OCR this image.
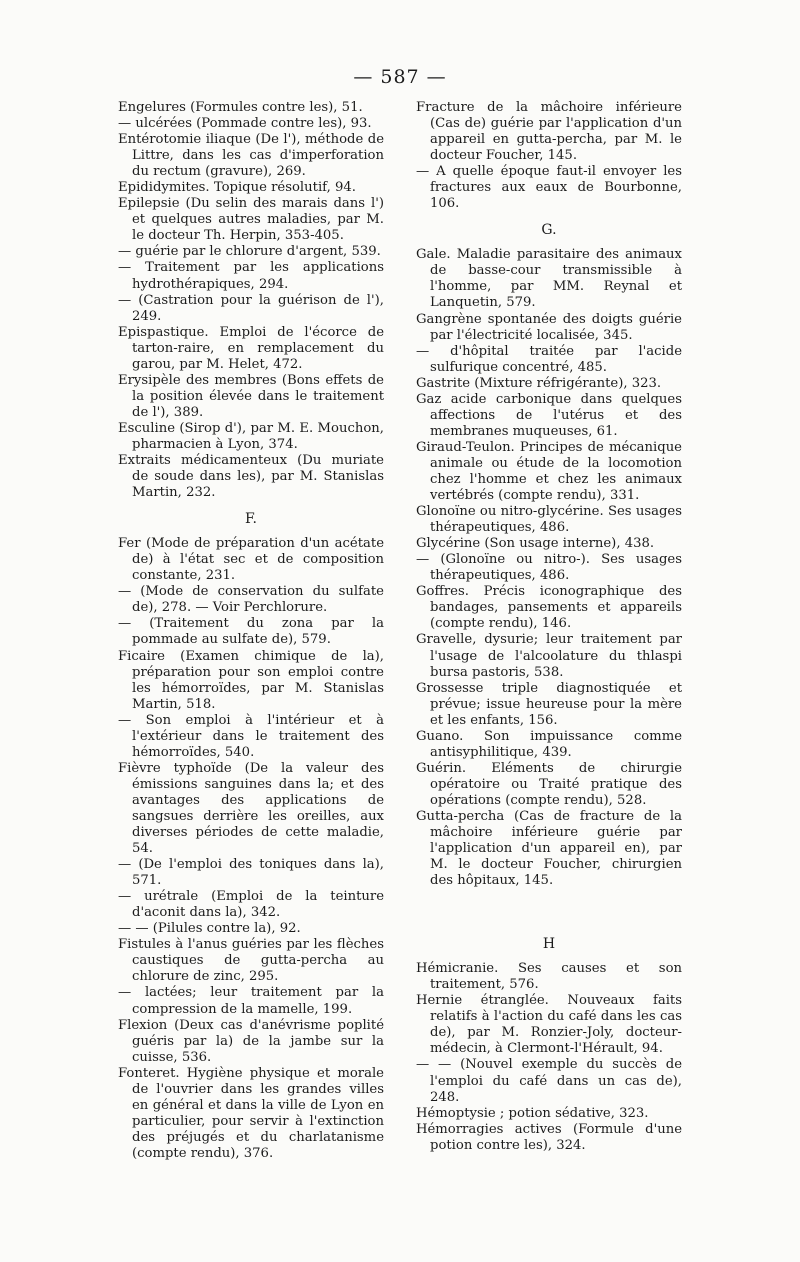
— 587 —
Engelures (Formules contre les), 51.
— ulcérées (Pommade contre les), 93.
Entérotomie iliaque (De l'), méthode de Littre, dans les cas d'imperforation du rectum (gravure), 269.
Epididymites. Topique résolutif, 94.
Epilepsie (Du selin des marais dans l') et quelques autres maladies, par M. le docteur Th. Herpin, 353-405.
— guérie par le chlorure d'argent, 539.
— Traitement par les applications hydrothérapiques, 294.
— (Castration pour la guérison de l'), 249.
Epispastique. Emploi de l'écorce de tarton-raire, en remplacement du garou, par M. Helet, 472.
Erysipèle des membres (Bons effets de la position élevée dans le traitement de l'), 389.
Esculine (Sirop d'), par M. E. Mouchon, pharmacien à Lyon, 374.
Extraits médicamenteux (Du muriate de soude dans les), par M. Stanislas Martin, 232.
F.
Fer (Mode de préparation d'un acétate de) à l'état sec et de composition constante, 231.
— (Mode de conservation du sulfate de), 278. — Voir Perchlorure.
— (Traitement du zona par la pommade au sulfate de), 579.
Ficaire (Examen chimique de la), préparation pour son emploi contre les hémorroïdes, par M. Stanislas Martin, 518.
— Son emploi à l'intérieur et à l'extérieur dans le traitement des hémorroïdes, 540.
Fièvre typhoïde (De la valeur des émissions sanguines dans la; et des avantages des applications de sangsues derrière les oreilles, aux diverses périodes de cette maladie, 54.
— (De l'emploi des toniques dans la), 571.
— urétrale (Emploi de la teinture d'aconit dans la), 342.
— — (Pilules contre la), 92.
Fistules à l'anus guéries par les flèches caustiques de gutta-percha au chlorure de zinc, 295.
— lactées; leur traitement par la compression de la mamelle, 199.
Flexion (Deux cas d'anévrisme poplité guéris par la) de la jambe sur la cuisse, 536.
Fonteret. Hygiène physique et morale de l'ouvrier dans les grandes villes en général et dans la ville de Lyon en particulier, pour servir à l'extinction des préjugés et du charlatanisme (compte rendu), 376.
Fracture de la mâchoire inférieure (Cas de) guérie par l'application d'un appareil en gutta-percha, par M. le docteur Foucher, 145.
— A quelle époque faut-il envoyer les fractures aux eaux de Bourbonne, 106.
G.
Gale. Maladie parasitaire des animaux de basse-cour transmissible à l'homme, par MM. Reynal et Lanquetin, 579.
Gangrène spontanée des doigts guérie par l'électricité localisée, 345.
— d'hôpital traitée par l'acide sulfurique concentré, 485.
Gastrite (Mixture réfrigérante), 323.
Gaz acide carbonique dans quelques affections de l'utérus et des membranes muqueuses, 61.
Giraud-Teulon. Principes de mécanique animale ou étude de la locomotion chez l'homme et chez les animaux vertébrés (compte rendu), 331.
Glonoïne ou nitro-glycérine. Ses usages thérapeutiques, 486.
Glycérine (Son usage interne), 438.
— (Glonoïne ou nitro-). Ses usages thérapeutiques, 486.
Goffres. Précis iconographique des bandages, pansements et appareils (compte rendu), 146.
Gravelle, dysurie; leur traitement par l'usage de l'alcoolature du thlaspi bursa pastoris, 538.
Grossesse triple diagnostiquée et prévue; issue heureuse pour la mère et les enfants, 156.
Guano. Son impuissance comme antisyphilitique, 439.
Guérin. Eléments de chirurgie opératoire ou Traité pratique des opérations (compte rendu), 528.
Gutta-percha (Cas de fracture de la mâchoire inférieure guérie par l'application d'un appareil en), par M. le docteur Foucher, chirurgien des hôpitaux, 145.
H
Hémicranie. Ses causes et son traitement, 576.
Hernie étranglée. Nouveaux faits relatifs à l'action du café dans les cas de), par M. Ronzier-Joly, docteur-médecin, à Clermont-l'Hérault, 94.
— — (Nouvel exemple du succès de l'emploi du café dans un cas de), 248.
Hémoptysie ; potion sédative, 323.
Hémorragies actives (Formule d'une potion contre les), 324.
